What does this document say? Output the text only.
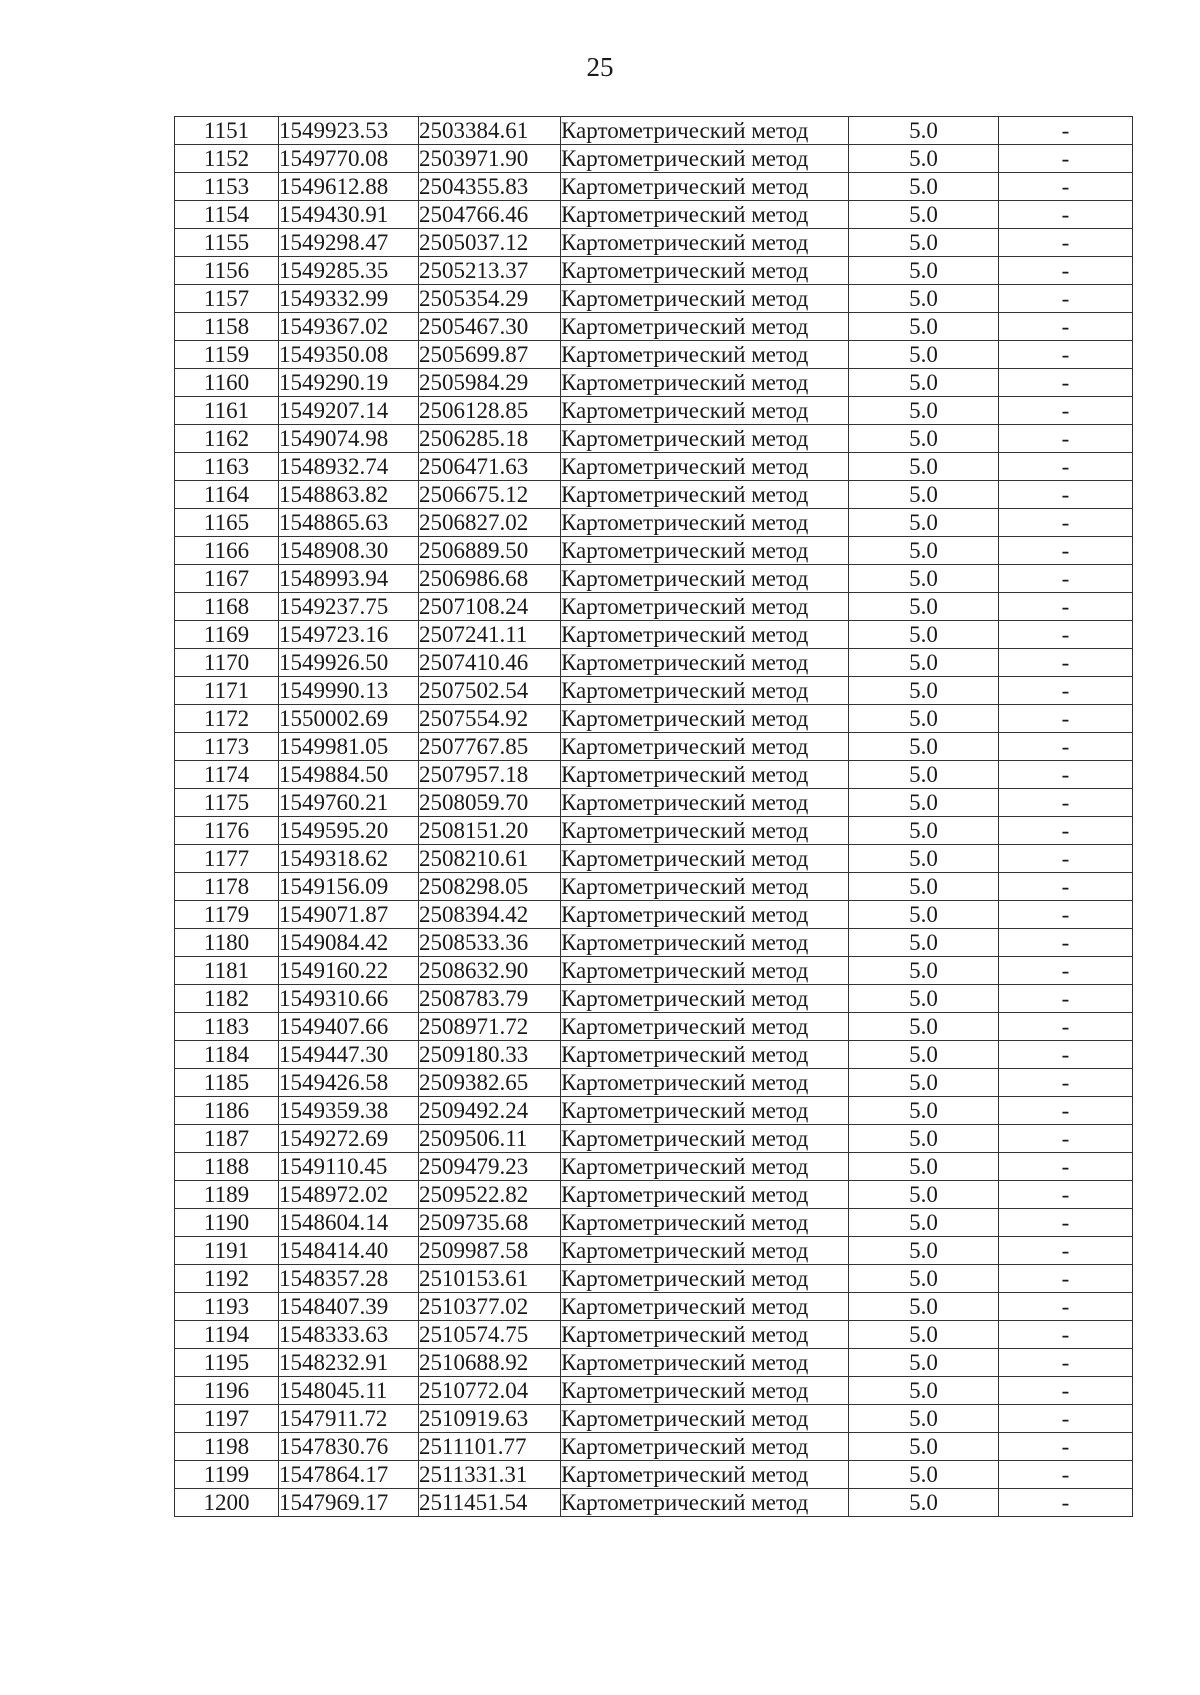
25
1151	1549923.53	2503384.61	Картометрический метод	5.0	-
1152	1549770.08	2503971.90	Картометрический метод	5.0	-
1153	1549612.88	2504355.83	Картометрический метод	5.0	-
1154	1549430.91	2504766.46	Картометрический метод	5.0	-
1155	1549298.47	2505037.12	Картометрический метод	5.0	-
1156	1549285.35	2505213.37	Картометрический метод	5.0	-
1157	1549332.99	2505354.29	Картометрический метод	5.0	-
1158	1549367.02	2505467.30	Картометрический метод	5.0	-
1159	1549350.08	2505699.87	Картометрический метод	5.0	-
1160	1549290.19	2505984.29	Картометрический метод	5.0	-
1161	1549207.14	2506128.85	Картометрический метод	5.0	-
1162	1549074.98	2506285.18	Картометрический метод	5.0	-
1163	1548932.74	2506471.63	Картометрический метод	5.0	-
1164	1548863.82	2506675.12	Картометрический метод	5.0	-
1165	1548865.63	2506827.02	Картометрический метод	5.0	-
1166	1548908.30	2506889.50	Картометрический метод	5.0	-
1167	1548993.94	2506986.68	Картометрический метод	5.0	-
1168	1549237.75	2507108.24	Картометрический метод	5.0	-
1169	1549723.16	2507241.11	Картометрический метод	5.0	-
1170	1549926.50	2507410.46	Картометрический метод	5.0	-
1171	1549990.13	2507502.54	Картометрический метод	5.0	-
1172	1550002.69	2507554.92	Картометрический метод	5.0	-
1173	1549981.05	2507767.85	Картометрический метод	5.0	-
1174	1549884.50	2507957.18	Картометрический метод	5.0	-
1175	1549760.21	2508059.70	Картометрический метод	5.0	-
1176	1549595.20	2508151.20	Картометрический метод	5.0	-
1177	1549318.62	2508210.61	Картометрический метод	5.0	-
1178	1549156.09	2508298.05	Картометрический метод	5.0	-
1179	1549071.87	2508394.42	Картометрический метод	5.0	-
1180	1549084.42	2508533.36	Картометрический метод	5.0	-
1181	1549160.22	2508632.90	Картометрический метод	5.0	-
1182	1549310.66	2508783.79	Картометрический метод	5.0	-
1183	1549407.66	2508971.72	Картометрический метод	5.0	-
1184	1549447.30	2509180.33	Картометрический метод	5.0	-
1185	1549426.58	2509382.65	Картометрический метод	5.0	-
1186	1549359.38	2509492.24	Картометрический метод	5.0	-
1187	1549272.69	2509506.11	Картометрический метод	5.0	-
1188	1549110.45	2509479.23	Картометрический метод	5.0	-
1189	1548972.02	2509522.82	Картометрический метод	5.0	-
1190	1548604.14	2509735.68	Картометрический метод	5.0	-
1191	1548414.40	2509987.58	Картометрический метод	5.0	-
1192	1548357.28	2510153.61	Картометрический метод	5.0	-
1193	1548407.39	2510377.02	Картометрический метод	5.0	-
1194	1548333.63	2510574.75	Картометрический метод	5.0	-
1195	1548232.91	2510688.92	Картометрический метод	5.0	-
1196	1548045.11	2510772.04	Картометрический метод	5.0	-
1197	1547911.72	2510919.63	Картометрический метод	5.0	-
1198	1547830.76	2511101.77	Картометрический метод	5.0	-
1199	1547864.17	2511331.31	Картометрический метод	5.0	-
1200	1547969.17	2511451.54	Картометрический метод	5.0	-
